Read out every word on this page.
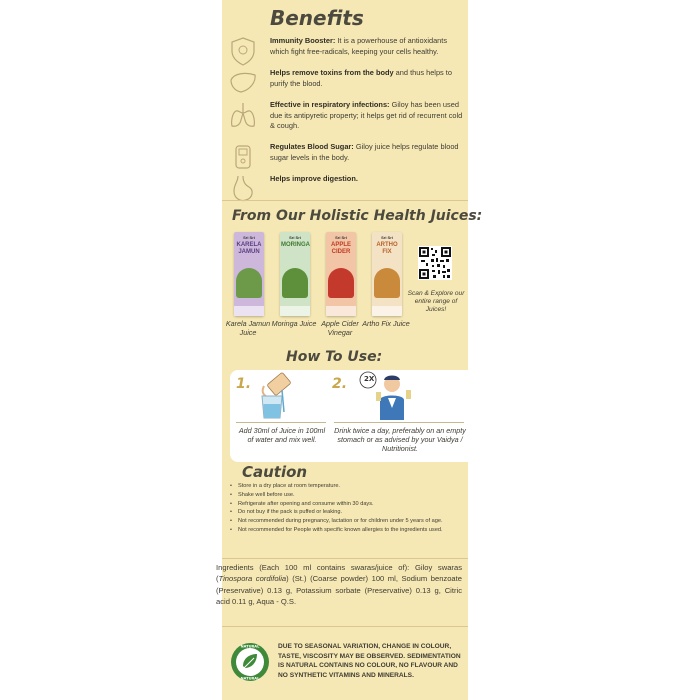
Benefits

Immunity Booster: It is a powerhouse of antioxidants which fight free-radicals, keeping your cells healthy.

Helps remove toxins from the body and thus helps to purify the blood.

Effective in respiratory infections: Giloy has been used due its antipyretic property; it helps get rid of recurrent cold & cough.

Regulates Blood Sugar: Giloy juice helps regulate blood sugar levels in the body.

Helps improve digestion.

From Our Holistic Health Juices:
Sri Sri
KARELA JAMUN
Karela Jamun Juice
Sri Sri
MORINGA
Moringa Juice
Sri Sri
APPLE CIDER
Apple Cider Vinegar
Sri Sri
ARTHO FIX
Artho Fix Juice
Scan & Explore our entire range of Juices!
How To Use:
1.
Add 30ml of Juice in 100ml of water and mix well.
2. 2X
Drink twice a day, preferably on an empty stomach or as advised by your Vaidya / Nutritionist.
Caution
• Store in a dry place at room temperature.
• Shake well before use.
• Refrigerate after opening and consume within 30 days.
• Do not buy if the pack is puffed or leaking.
• Not recommended during pregnancy, lactation or for children under 5 years of age.
• Not recommended for People with specific known allergies to the ingredients used.

Ingredients (Each 100 ml contains swaras/juice of): Giloy swaras (Tinospora cordifolia) (St.) (Coarse powder) 100 ml, Sodium benzoate (Preservative) 0.13 g, Potassium sorbate (Preservative) 0.13 g, Citric acid 0.11 g, Aqua - Q.S.

NATURAL
NATURAL

DUE TO SEASONAL VARIATION, CHANGE IN COLOUR, TASTE, VISCOSITY MAY BE OBSERVED. SEDIMENTATION IS NATURAL CONTAINS NO COLOUR, NO FLAVOUR AND NO SYNTHETIC VITAMINS AND MINERALS.
